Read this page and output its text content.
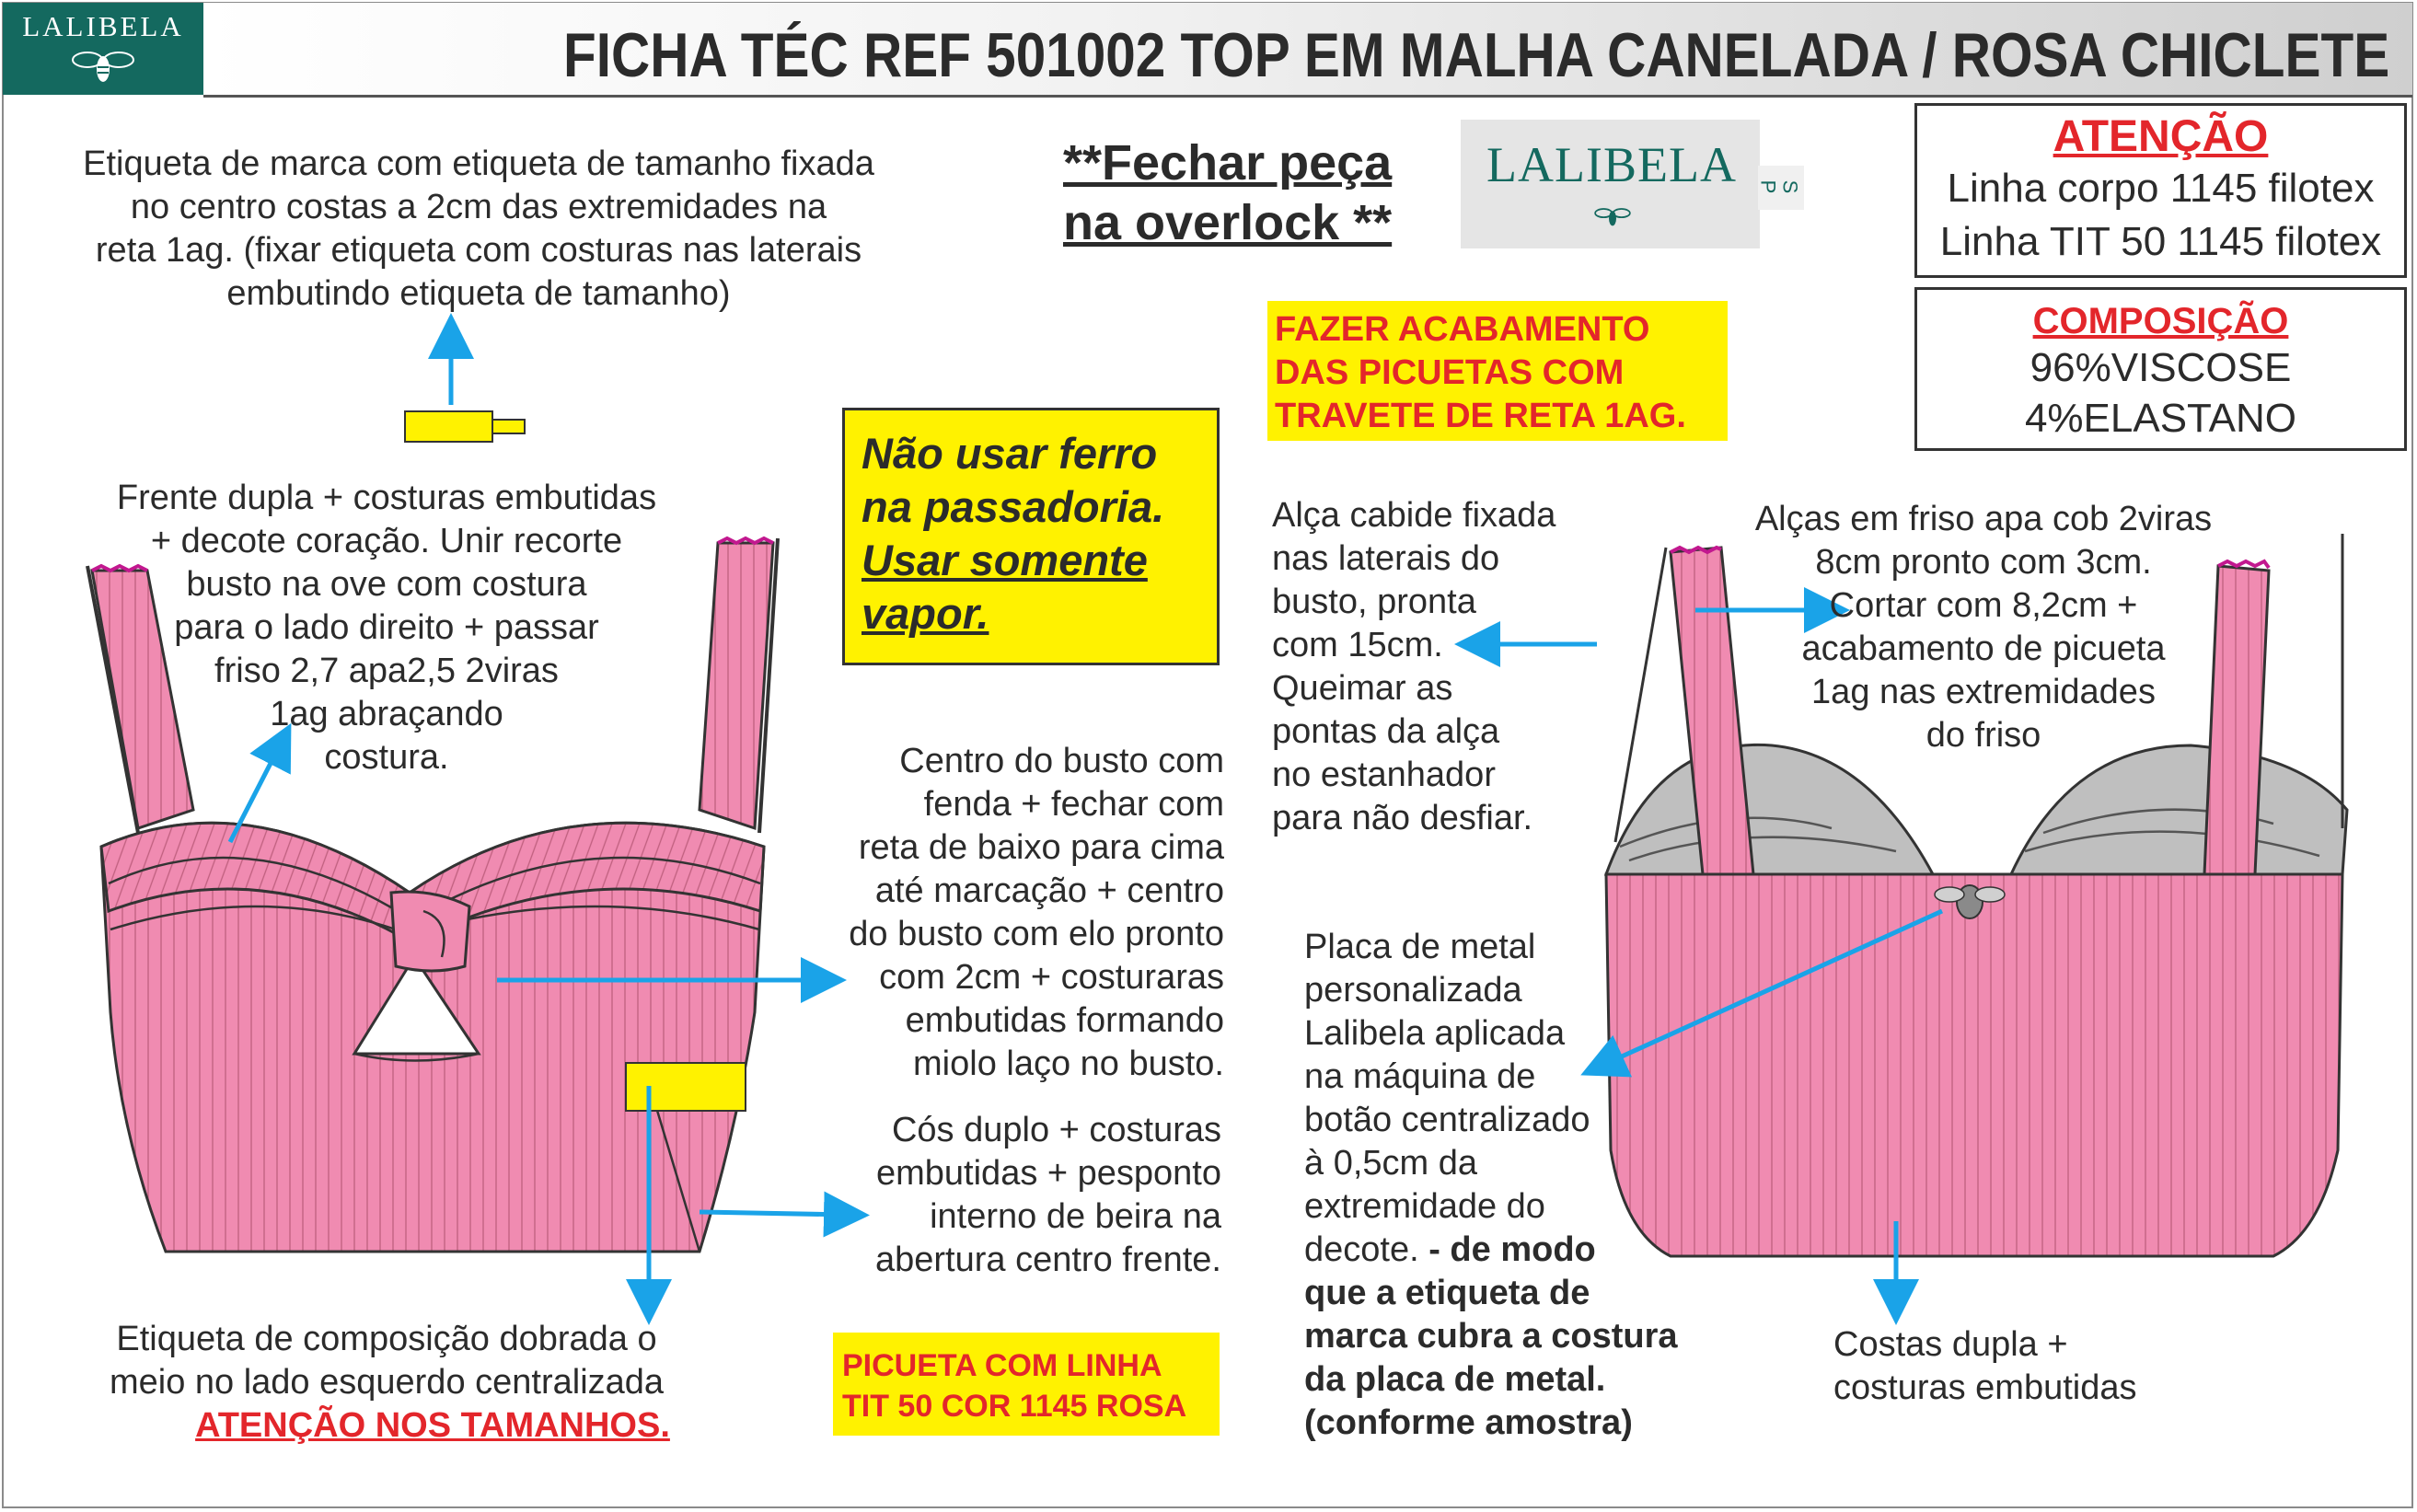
LALIBELA	FICHA TÉC REF 501002 TOP EM MALHA CANELADA / ROSA CHICLETE
Etiqueta de marca com etiqueta de tamanho fixada
no centro costas a 2cm das extremidades na
reta 1ag. (fixar etiqueta com costuras nas laterais
embutindo etiqueta de tamanho)
**Fechar peça
na overlock **
LALIBELA P S
ATENÇÃO
Linha corpo 1145 filotex
Linha TIT 50 1145 filotex
COMPOSIÇÃO
96%VISCOSE
4%ELASTANO
FAZER ACABAMENTO
DAS PICUETAS COM
TRAVETE DE RETA 1AG.
Frente dupla + costuras embutidas
+ decote coração. Unir recorte
busto na ove com costura
para o lado direito + passar
friso 2,7 apa2,5 2viras
1ag abraçando
costura.
Não usar ferro
na passadoria.
Usar somente
vapor.
Centro do busto com
fenda + fechar com
reta de baixo para cima
até marcação + centro
do busto com elo pronto
com 2cm + costuraras
embutidas formando
miolo laço no busto.
Cós duplo + costuras
embutidas + pesponto
interno de beira na
abertura centro frente.
Etiqueta de composição dobrada o
meio no lado esquerdo centralizada
ATENÇÃO NOS TAMANHOS.
PICUETA COM LINHA
TIT 50 COR 1145 ROSA
Alça cabide fixada
nas laterais do
busto, pronta
com 15cm.
Queimar as
pontas da alça
no estanhador
para não desfiar.
Alças em friso apa cob 2viras
8cm pronto com 3cm.
Cortar com 8,2cm +
acabamento de picueta
1ag nas extremidades
do friso
Placa de metal
personalizada
Lalibela aplicada
na máquina de
botão centralizado
à 0,5cm da
extremidade do
decote. - de modo
que a etiqueta de
marca cubra a costura
da placa de metal.
(conforme amostra)
Costas dupla +
costuras embutidas
